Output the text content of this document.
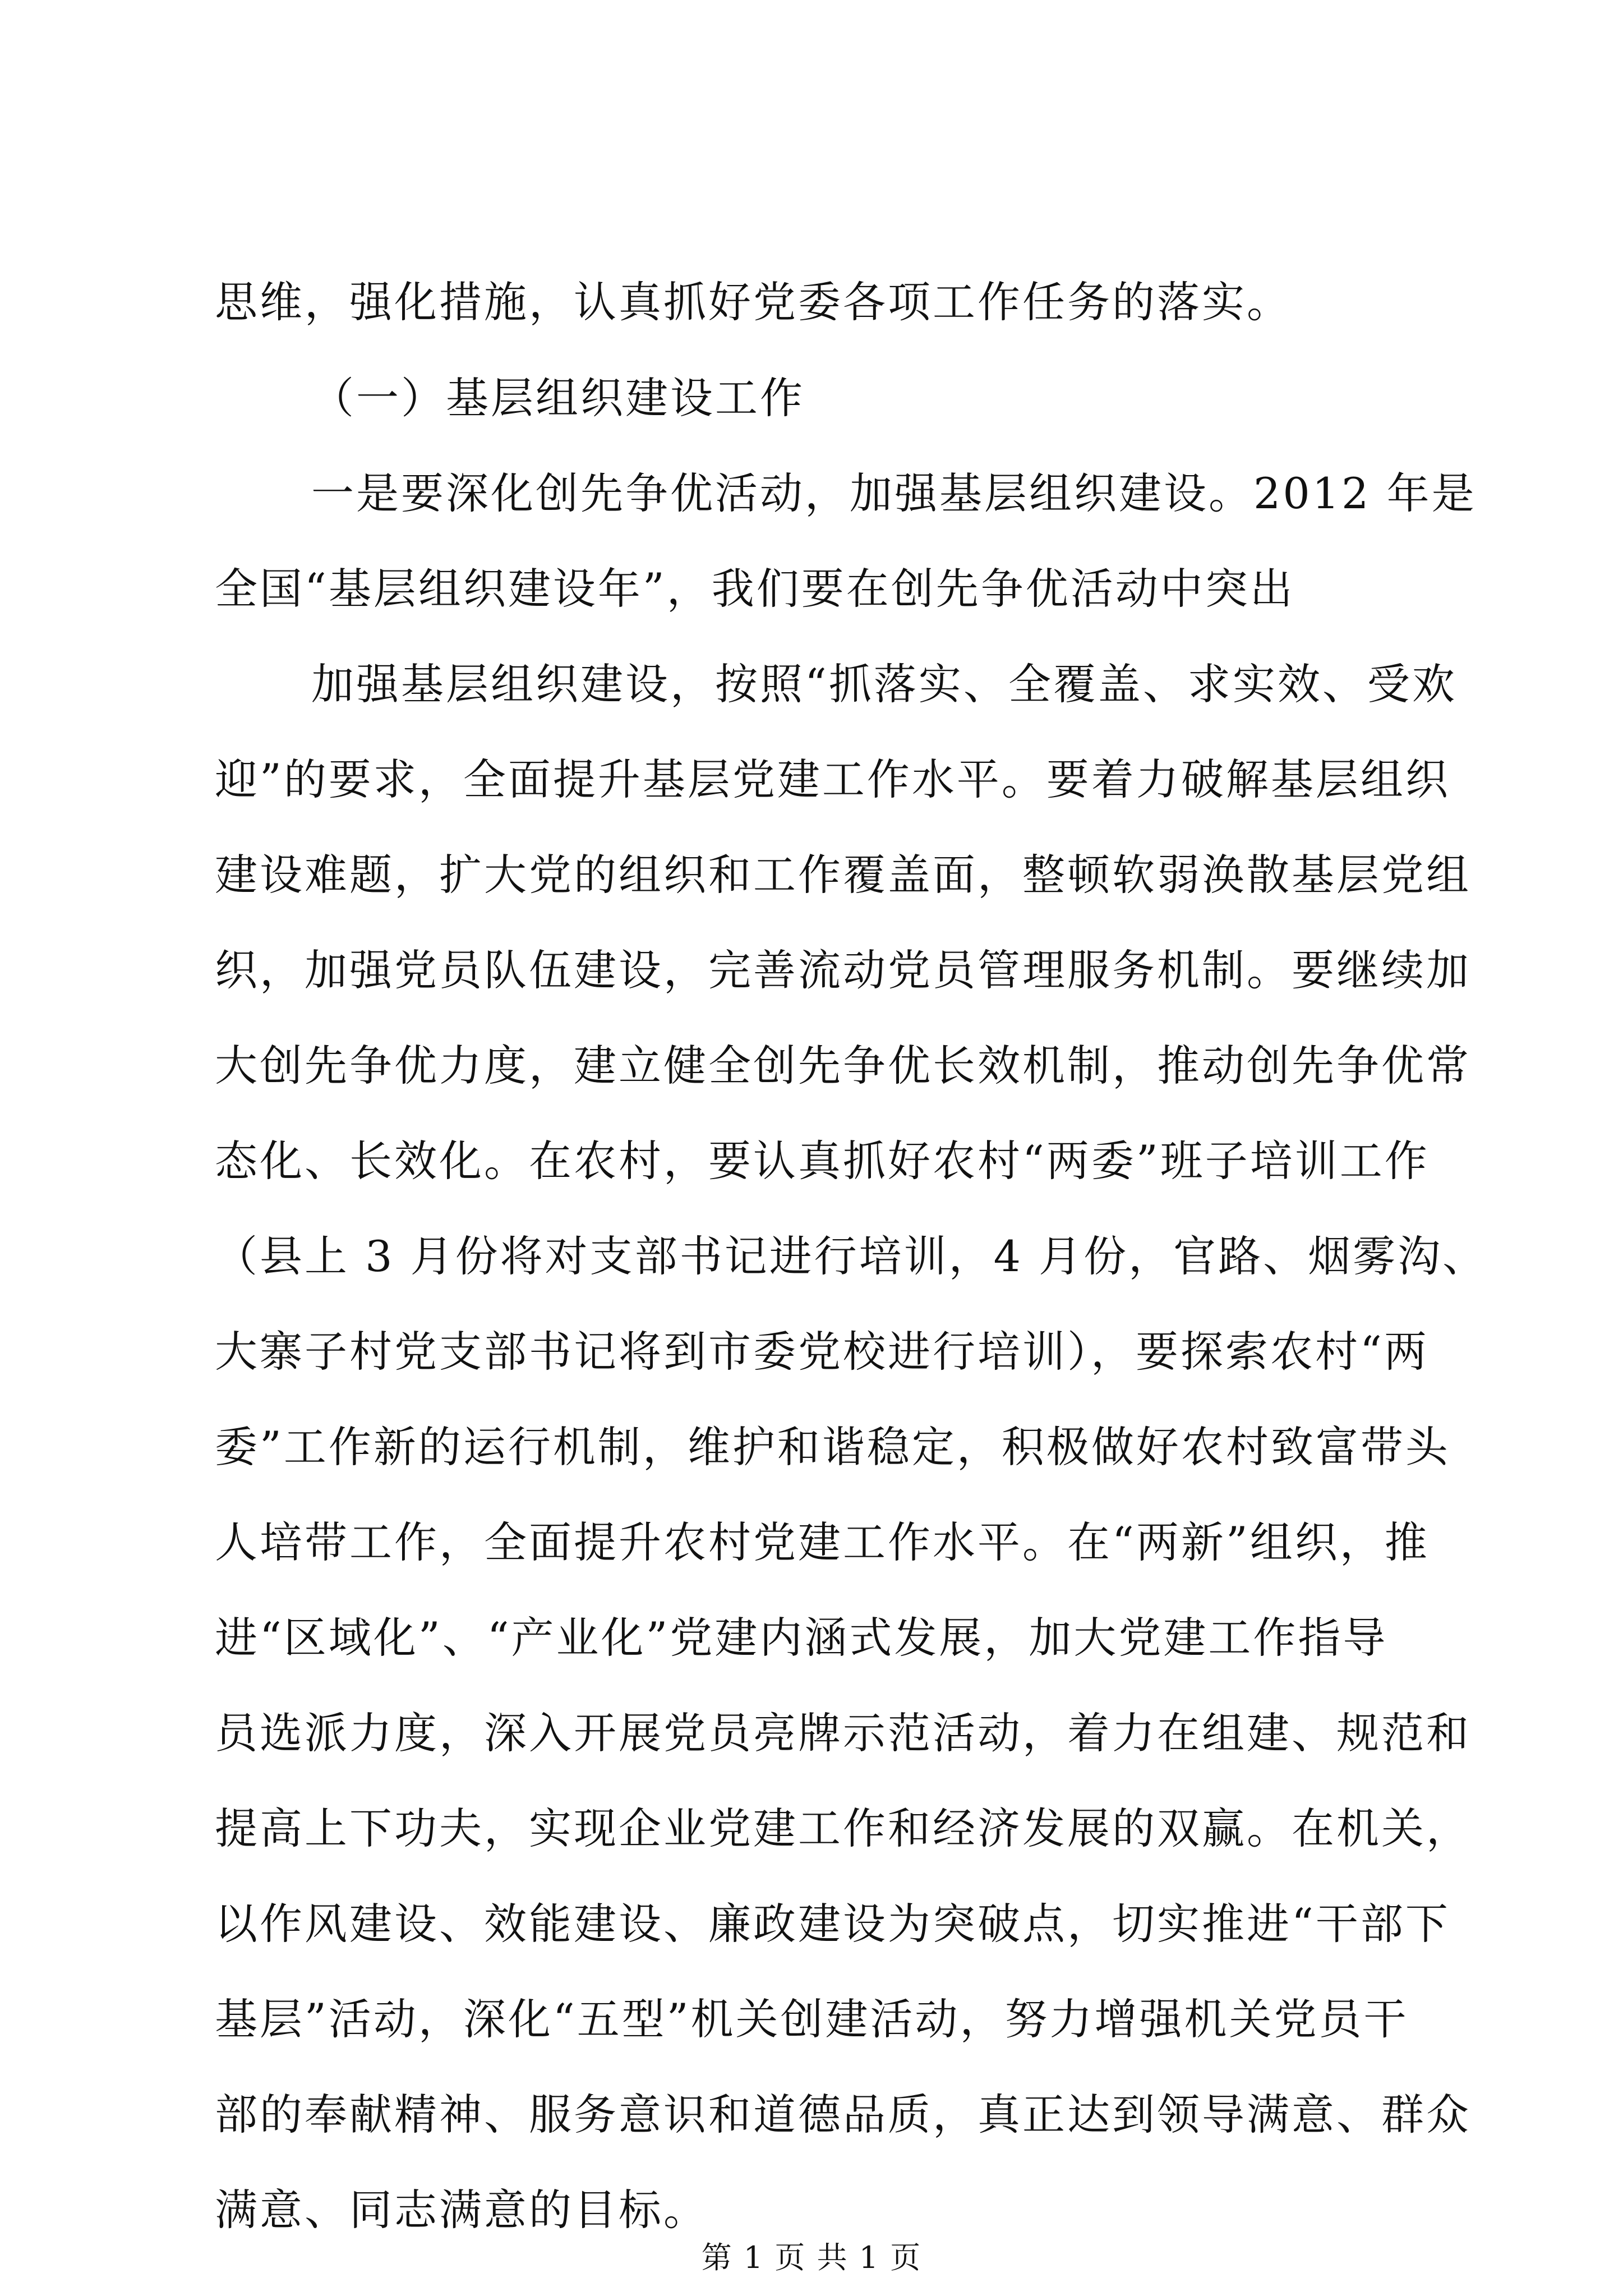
思维，强化措施，认真抓好党委各项工作任务的落实。
（一）基层组织建设工作
一是要深化创先争优活动，加强基层组织建设。2012 年是
全国“基层组织建设年”，我们要在创先争优活动中突出
加强基层组织建设，按照“抓落实、全覆盖、求实效、受欢
迎”的要求，全面提升基层党建工作水平。要着力破解基层组织
建设难题，扩大党的组织和工作覆盖面，整顿软弱涣散基层党组
织，加强党员队伍建设，完善流动党员管理服务机制。要继续加
大创先争优力度，建立健全创先争优长效机制，推动创先争优常
态化、长效化。在农村，要认真抓好农村“两委”班子培训工作
（县上 3 月份将对支部书记进行培训，4 月份，官路、烟雾沟、
大寨子村党支部书记将到市委党校进行培训），要探索农村“两
委”工作新的运行机制，维护和谐稳定，积极做好农村致富带头
人培带工作，全面提升农村党建工作水平。在“两新”组织，推
进“区域化”、“产业化”党建内涵式发展，加大党建工作指导
员选派力度，深入开展党员亮牌示范活动，着力在组建、规范和
提高上下功夫，实现企业党建工作和经济发展的双赢。在机关，
以作风建设、效能建设、廉政建设为突破点，切实推进“干部下
基层”活动，深化“五型”机关创建活动，努力增强机关党员干
部的奉献精神、服务意识和道德品质，真正达到领导满意、群众
满意、同志满意的目标。
第 1 页 共 1 页
